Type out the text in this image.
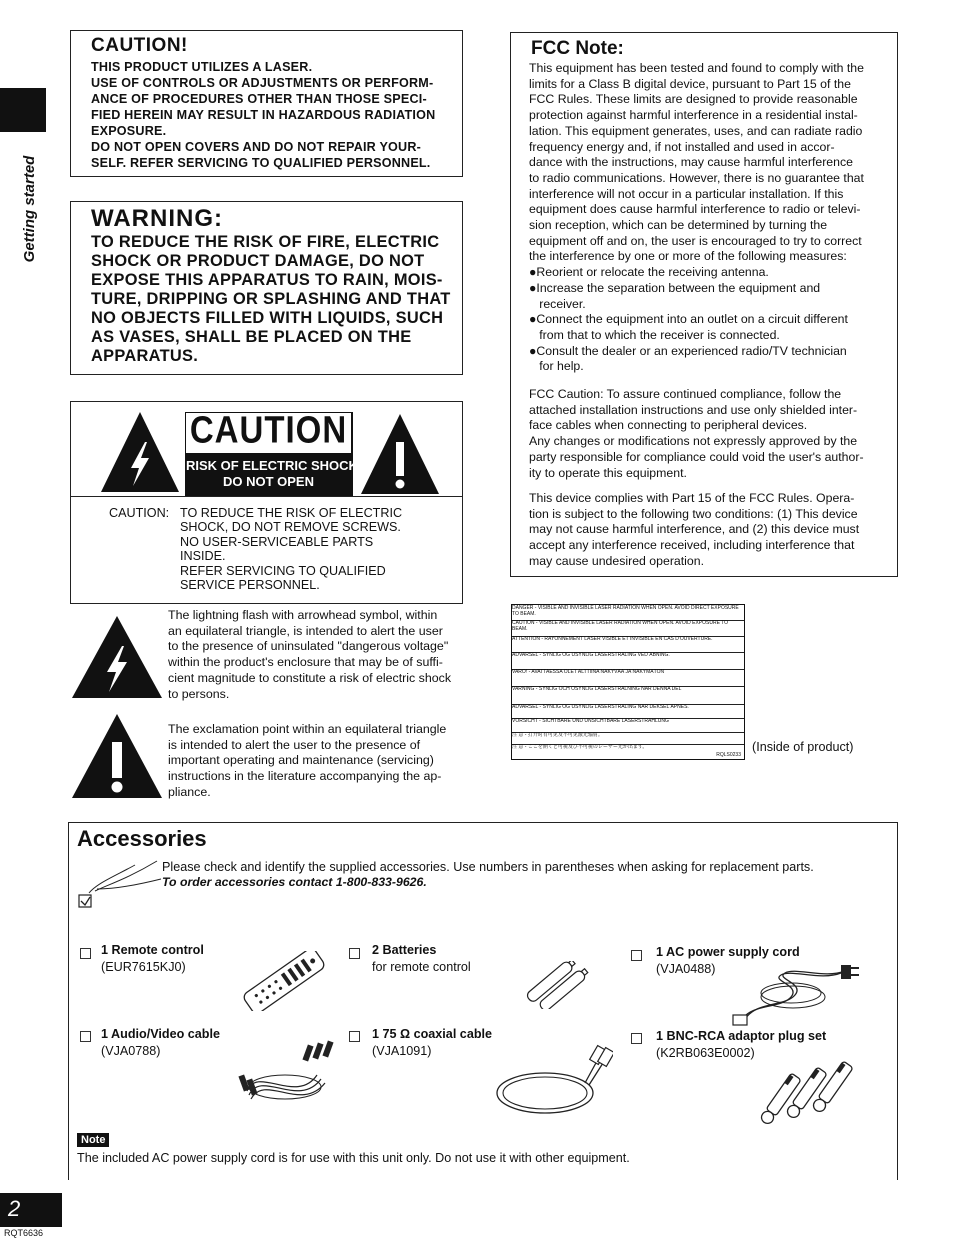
Getting started
CAUTION!
THIS PRODUCT UTILIZES A LASER.
USE OF CONTROLS OR ADJUSTMENTS OR PERFORM-
ANCE OF PROCEDURES OTHER THAN THOSE SPECI-
FIED HEREIN MAY RESULT IN HAZARDOUS RADIATION
EXPOSURE.
DO NOT OPEN COVERS AND DO NOT REPAIR YOUR-
SELF. REFER SERVICING TO QUALIFIED PERSONNEL.
WARNING:
TO REDUCE THE RISK OF FIRE, ELECTRIC
SHOCK OR PRODUCT DAMAGE, DO NOT
EXPOSE THIS APPARATUS TO RAIN, MOIS-
TURE, DRIPPING OR SPLASHING AND THAT
NO OBJECTS FILLED WITH LIQUIDS, SUCH
AS VASES, SHALL BE PLACED ON THE
APPARATUS.
CAUTION
RISK OF ELECTRIC SHOCK
DO NOT OPEN
CAUTION: TO REDUCE THE RISK OF ELECTRIC
SHOCK, DO NOT REMOVE SCREWS.
NO USER-SERVICEABLE PARTS
INSIDE.
REFER SERVICING TO QUALIFIED
SERVICE PERSONNEL.
The lightning flash with arrowhead symbol, within
an equilateral triangle, is intended to alert the user
to the presence of uninsulated "dangerous voltage"
within the product's enclosure that may be of suffi-
cient magnitude to constitute a risk of electric shock
to persons.
The exclamation point within an equilateral triangle
is intended to alert the user to the presence of
important operating and maintenance (servicing)
instructions in the literature accompanying the ap-
pliance.
FCC Note:
This equipment has been tested and found to comply with the
limits for a Class B digital device, pursuant to Part 15 of the
FCC Rules. These limits are designed to provide reasonable
protection against harmful interference in a residential instal-
lation. This equipment generates, uses, and can radiate radio
frequency energy and, if not installed and used in accor-
dance with the instructions, may cause harmful interference
to radio communications. However, there is no guarantee that
interference will not occur in a particular installation. If this
equipment does cause harmful interference to radio or televi-
sion reception, which can be determined by turning the
equipment off and on, the user is encouraged to try to correct
the interference by one or more of the following measures:
●Reorient or relocate the receiving antenna.
●Increase the separation between the equipment and
receiver.
●Connect the equipment into an outlet on a circuit different
from that to which the receiver is connected.
●Consult the dealer or an experienced radio/TV technician
for help.
FCC Caution: To assure continued compliance, follow the
attached installation instructions and use only shielded inter-
face cables when connecting to peripheral devices.
Any changes or modifications not expressly approved by the
party responsible for compliance could void the user's author-
ity to operate this equipment.
This device complies with Part 15 of the FCC Rules. Opera-
tion is subject to the following two conditions: (1) This device
may not cause harmful interference, and (2) this device must
accept any interference received, including interference that
may cause undesired operation.
DANGER - VISIBLE AND INVISIBLE LASER RADIATION WHEN OPEN. AVOID DIRECT EXPOSURE TO BEAM.
CAUTION - VISIBLE AND INVISIBLE LASER RADIATION WHEN OPEN. AVOID EXPOSURE TO BEAM.
ATTENTION - RAYONNEMENT LASER VISIBLE ET INVISIBLE EN CAS D'OUVERTURE.
ADVARSEL - SYNLIG OG USYNLIG LASERSTRÅLING VED ÅBNING.
VARO! - AVATTAESSA OLET ALTTIINA NÄKYVÄÄ JA NÄKYMÄTÖN
VARNING - SYNLIG OCH OSYNLIG LASERSTRÅLNING NÄR DENNA DEL
ADVARSEL - SYNLIG OG USYNLIG LASERSTRÅLING NÅR DEKSEL ÅPNES.
VORSICHT - SICHTBARE UND UNSICHTBARE LASERSTRAHLUNG
注 意 - 打开时有可见及不可见激光辐射。
注 意 - ここを開くと可視及び不可視のレーザー光が出ます。
RQLS0233
(Inside of product)
Accessories
Please check and identify the supplied accessories. Use numbers in parentheses when asking for replacement parts.
To order accessories contact 1-800-833-9626.
1 Remote control
(EUR7615KJ0)
2 Batteries
for remote control
1 AC power supply cord
(VJA0488)
1 Audio/Video cable
(VJA0788)
1 75 Ω coaxial cable
(VJA1091)
1 BNC-RCA adaptor plug set
(K2RB063E0002)
Note
The included AC power supply cord is for use with this unit only. Do not use it with other equipment.
2
RQT6636
